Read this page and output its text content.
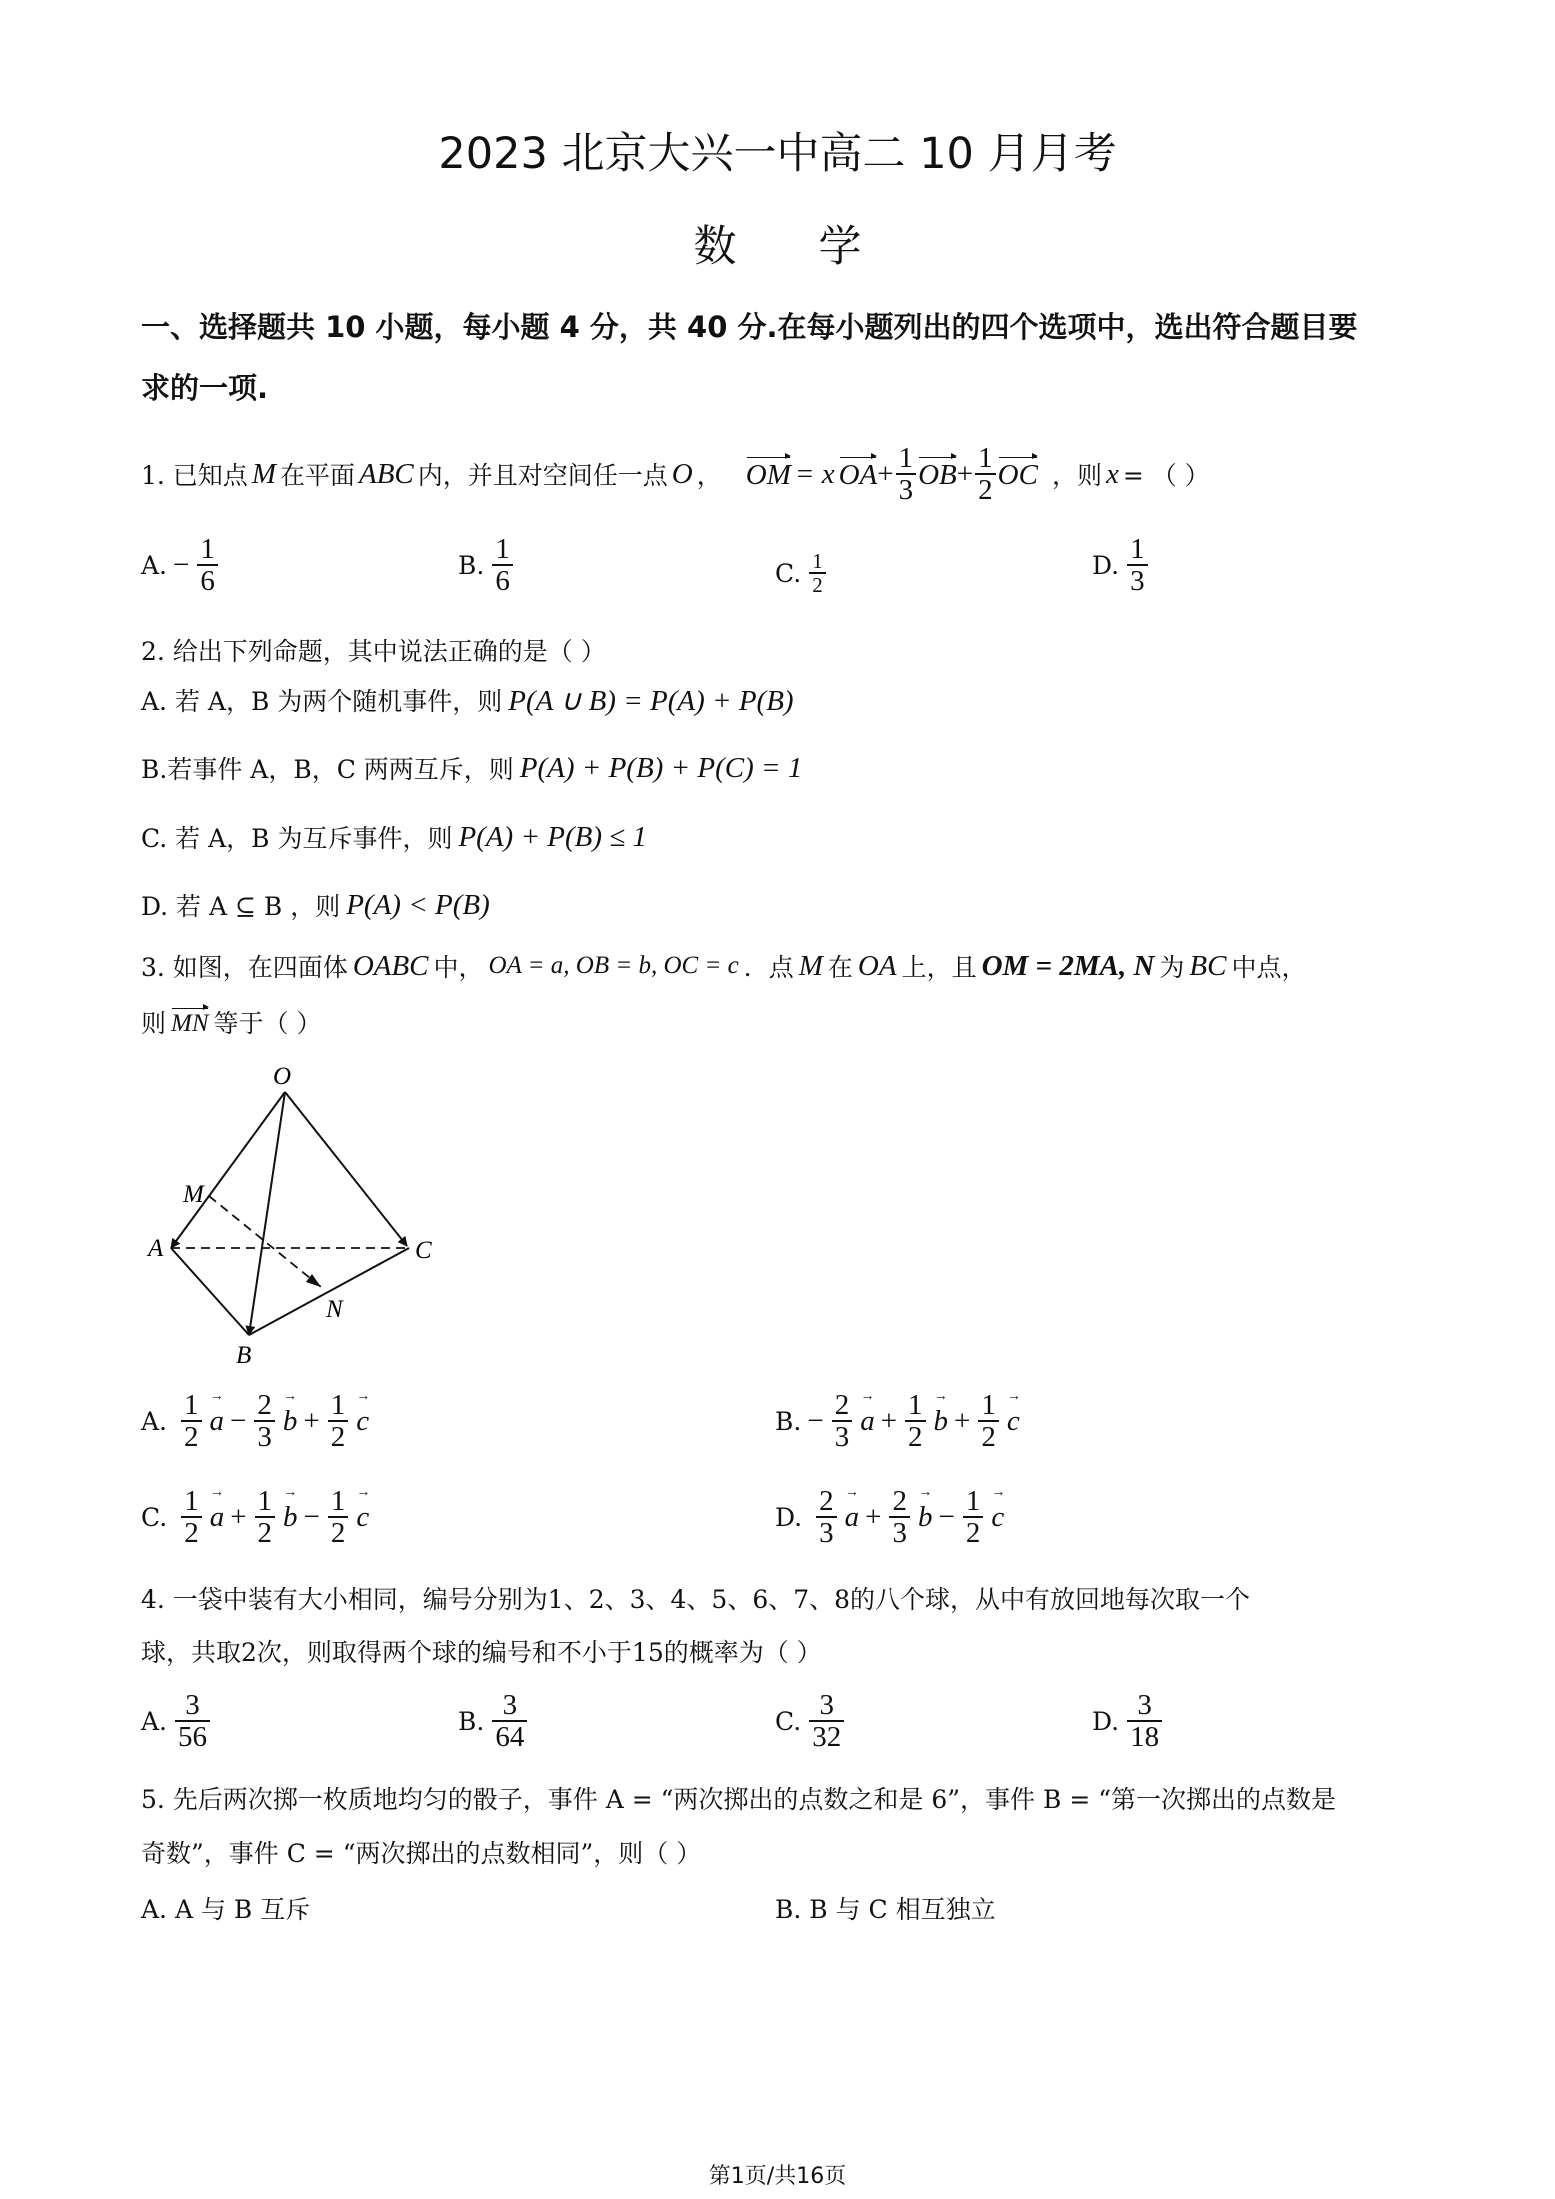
2023 北京大兴一中高二 10 月月考
数      学
一、选择题共 10 小题，每小题 4 分，共 40 分.在每小题列出的四个选项中，选出符合题目要
求的一项.
1. 已知点 M 在平面 ABC 内，并且对空间任一点 O ， OM = x OA + $\frac{1}{3}$ OB + $\frac{1}{2}$ OC ，则 x = （ ）
A. − $\frac{1}{6}$	B. $\frac{1}{6}$	C. $\frac{1}{2}$	D. $\frac{1}{3}$
2. 给出下列命题，其中说法正确的是（ ）
A. 若 A，B 为两个随机事件，则 P(A ∪ B) = P(A) + P(B)
B.若事件 A，B，C 两两互斥，则 P(A) + P(B) + P(C) = 1
C. 若 A，B 为互斥事件，则 P(A) + P(B) ≤ 1
D. 若 A ⊆ B ，则 P(A) < P(B)
3. 如图，在四面体 OABC 中， OA = a, OB = b, OC = c ．点 M 在 OA 上，且 OM = 2MA, N 为 BC 中点，
则 MN 等于（ ）
O
M
A	C
N
B
A. $\frac{1}{2}$ a → − $\frac{2}{3}$ b → + $\frac{1}{2}$ c →	B. − $\frac{2}{3}$ a → + $\frac{1}{2}$ b → + $\frac{1}{2}$ c →
C. $\frac{1}{2}$ a → + $\frac{1}{2}$ b → − $\frac{1}{2}$ c →	D. $\frac{2}{3}$ a → + $\frac{2}{3}$ b → − $\frac{1}{2}$ c →
4. 一袋中装有大小相同，编号分别为1、2、3、4、5、6、7、8的八个球，从中有放回地每次取一个
球，共取2次，则取得两个球的编号和不小于15的概率为（ ）
A. $\frac{3}{56}$	B. $\frac{3}{64}$	C. $\frac{3}{32}$	D. $\frac{3}{18}$
5. 先后两次掷一枚质地均匀的骰子，事件 A = “两次掷出的点数之和是 6”，事件 B = “第一次掷出的点数是
奇数”，事件 C = “两次掷出的点数相同”，则（ ）
A. A 与 B 互斥	B. B 与 C 相互独立
第1页/共16页
